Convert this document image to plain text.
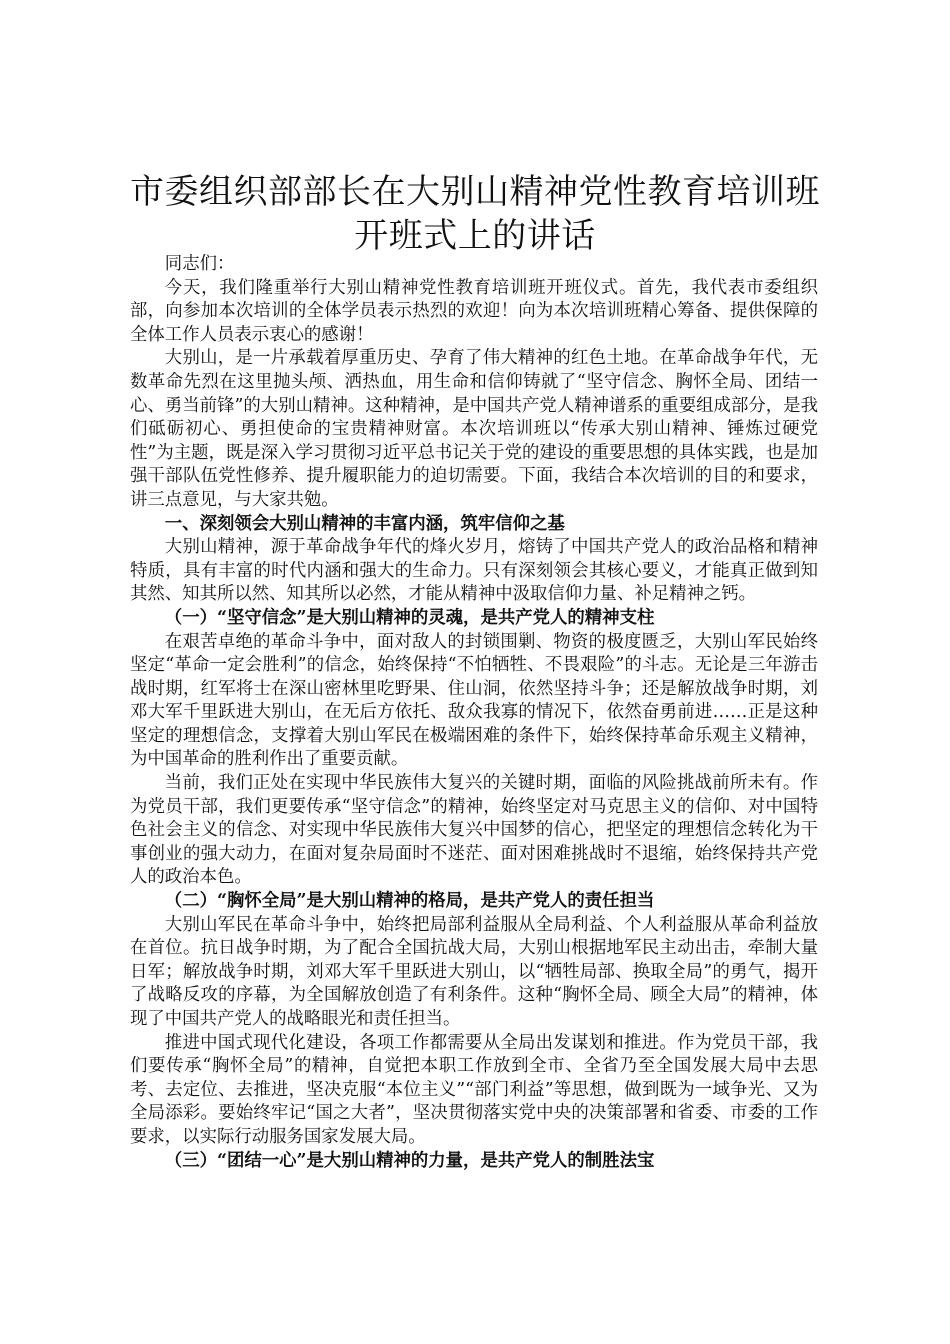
市委组织部部长在大别山精神党性教育培训班
开班式上的讲话

同志们：

今天，我们隆重举行大别山精神党性教育培训班开班仪式。首先，我代表市委组织部，向参加本次培训的全体学员表示热烈的欢迎！向为本次培训班精心筹备、提供保障的全体工作人员表示衷心的感谢！

大别山，是一片承载着厚重历史、孕育了伟大精神的红色土地。在革命战争年代，无数革命先烈在这里抛头颅、洒热血，用生命和信仰铸就了“坚守信念、胸怀全局、团结一心、勇当前锋”的大别山精神。这种精神，是中国共产党人精神谱系的重要组成部分，是我们砥砺初心、勇担使命的宝贵精神财富。本次培训班以“传承大别山精神、锤炼过硬党性”为主题，既是深入学习贯彻习近平总书记关于党的建设的重要思想的具体实践，也是加强干部队伍党性修养、提升履职能力的迫切需要。下面，我结合本次培训的目的和要求，讲三点意见，与大家共勉。

一、深刻领会大别山精神的丰富内涵，筑牢信仰之基

大别山精神，源于革命战争年代的烽火岁月，熔铸了中国共产党人的政治品格和精神特质，具有丰富的时代内涵和强大的生命力。只有深刻领会其核心要义，才能真正做到知其然、知其所以然、知其所以必然，才能从精神中汲取信仰力量、补足精神之钙。

（一）“坚守信念”是大别山精神的灵魂，是共产党人的精神支柱

在艰苦卓绝的革命斗争中，面对敌人的封锁围剿、物资的极度匮乏，大别山军民始终坚定“革命一定会胜利”的信念，始终保持“不怕牺牲、不畏艰险”的斗志。无论是三年游击战时期，红军将士在深山密林里吃野果、住山洞，依然坚持斗争；还是解放战争时期，刘邓大军千里跃进大别山，在无后方依托、敌众我寡的情况下，依然奋勇前进……正是这种坚定的理想信念，支撑着大别山军民在极端困难的条件下，始终保持革命乐观主义精神，为中国革命的胜利作出了重要贡献。

当前，我们正处在实现中华民族伟大复兴的关键时期，面临的风险挑战前所未有。作为党员干部，我们更要传承“坚守信念”的精神，始终坚定对马克思主义的信仰、对中国特色社会主义的信念、对实现中华民族伟大复兴中国梦的信心，把坚定的理想信念转化为干事创业的强大动力，在面对复杂局面时不迷茫、面对困难挑战时不退缩，始终保持共产党人的政治本色。

（二）“胸怀全局”是大别山精神的格局，是共产党人的责任担当

大别山军民在革命斗争中，始终把局部利益服从全局利益、个人利益服从革命利益放在首位。抗日战争时期，为了配合全国抗战大局，大别山根据地军民主动出击，牵制大量日军；解放战争时期，刘邓大军千里跃进大别山，以“牺牲局部、换取全局”的勇气，揭开了战略反攻的序幕，为全国解放创造了有利条件。这种“胸怀全局、顾全大局”的精神，体现了中国共产党人的战略眼光和责任担当。

推进中国式现代化建设，各项工作都需要从全局出发谋划和推进。作为党员干部，我们要传承“胸怀全局”的精神，自觉把本职工作放到全市、全省乃至全国发展大局中去思考、去定位、去推进，坚决克服“本位主义”“部门利益”等思想，做到既为一域争光、又为全局添彩。要始终牢记“国之大者”，坚决贯彻落实党中央的决策部署和省委、市委的工作要求，以实际行动服务国家发展大局。

（三）“团结一心”是大别山精神的力量，是共产党人的制胜法宝
